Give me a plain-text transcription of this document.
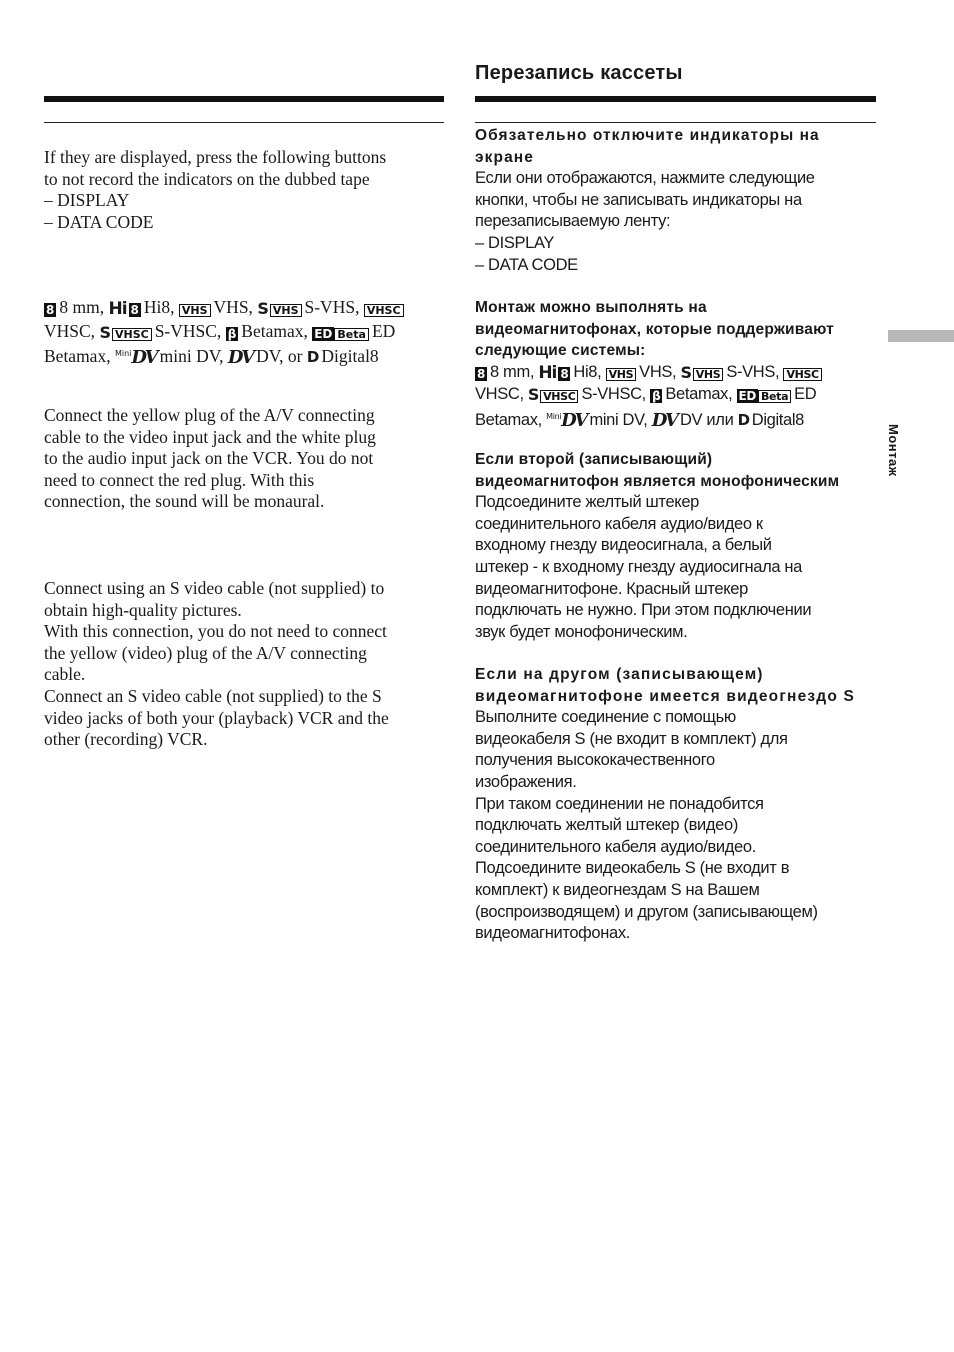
Перезапись кассеты
Монтаж
If they are displayed, press the following buttons
to not record the indicators on the dubbed tape
– DISPLAY
– DATA CODE
8 8 mm, Hi 8 Hi8, VHS VHS, S VHS S-VHS, VHSC
VHSC, S VHSC S-VHSC, β Betamax, ED Beta ED
Betamax, $^{Mini}$DV mini DV, DV DV, or D Digital8
Connect the yellow plug of the A/V connecting
cable to the video input jack and the white plug
to the audio input jack on the VCR. You do not
need to connect the red plug. With this
connection, the sound will be monaural.
Connect using an S video cable (not supplied) to
obtain high-quality pictures.
With this connection, you do not need to connect
the yellow (video) plug of the A/V connecting
cable.
Connect an S video cable (not supplied) to the S
video jacks of both your (playback) VCR and the
other (recording) VCR.
Обязательно отключите индикаторы на
экране
Если они отображаются, нажмите следующие
кнопки, чтобы не записывать индикаторы на
перезаписываемую ленту:
– DISPLAY
– DATA CODE
Монтаж можно выполнять на
видеомагнитофонах, которые поддерживают
следующие системы:
8 8 mm, Hi 8 Hi8, VHS VHS, S VHS S-VHS, VHSC
VHSC, S VHSC S-VHSC, β Betamax, ED Beta ED
Betamax, $^{Mini}$DV mini DV, DV DV или D Digital8
Если второй (записывающий)
видеомагнитофон является монофоническим
Подсоедините желтый штекер
соединительного кабеля аудио/видео к
входному гнезду видеосигнала, а белый
штекер - к входному гнезду аудиосигнала на
видеомагнитофоне. Красный штекер
подключать не нужно. При этом подключении
звук будет монофоническим.
Если на другом (записывающем)
видеомагнитофоне имеется видеогнездо S
Выполните соединение с помощью
видеокабеля S (не входит в комплект) для
получения высококачественного
изображения.
При таком соединении не понадобится
подключать желтый штекер (видео)
соединительного кабеля аудио/видео.
Подсоедините видеокабель S (не входит в
комплект) к видеогнездам S на Вашем
(воспроизводящем) и другом (записывающем)
видеомагнитофонах.
